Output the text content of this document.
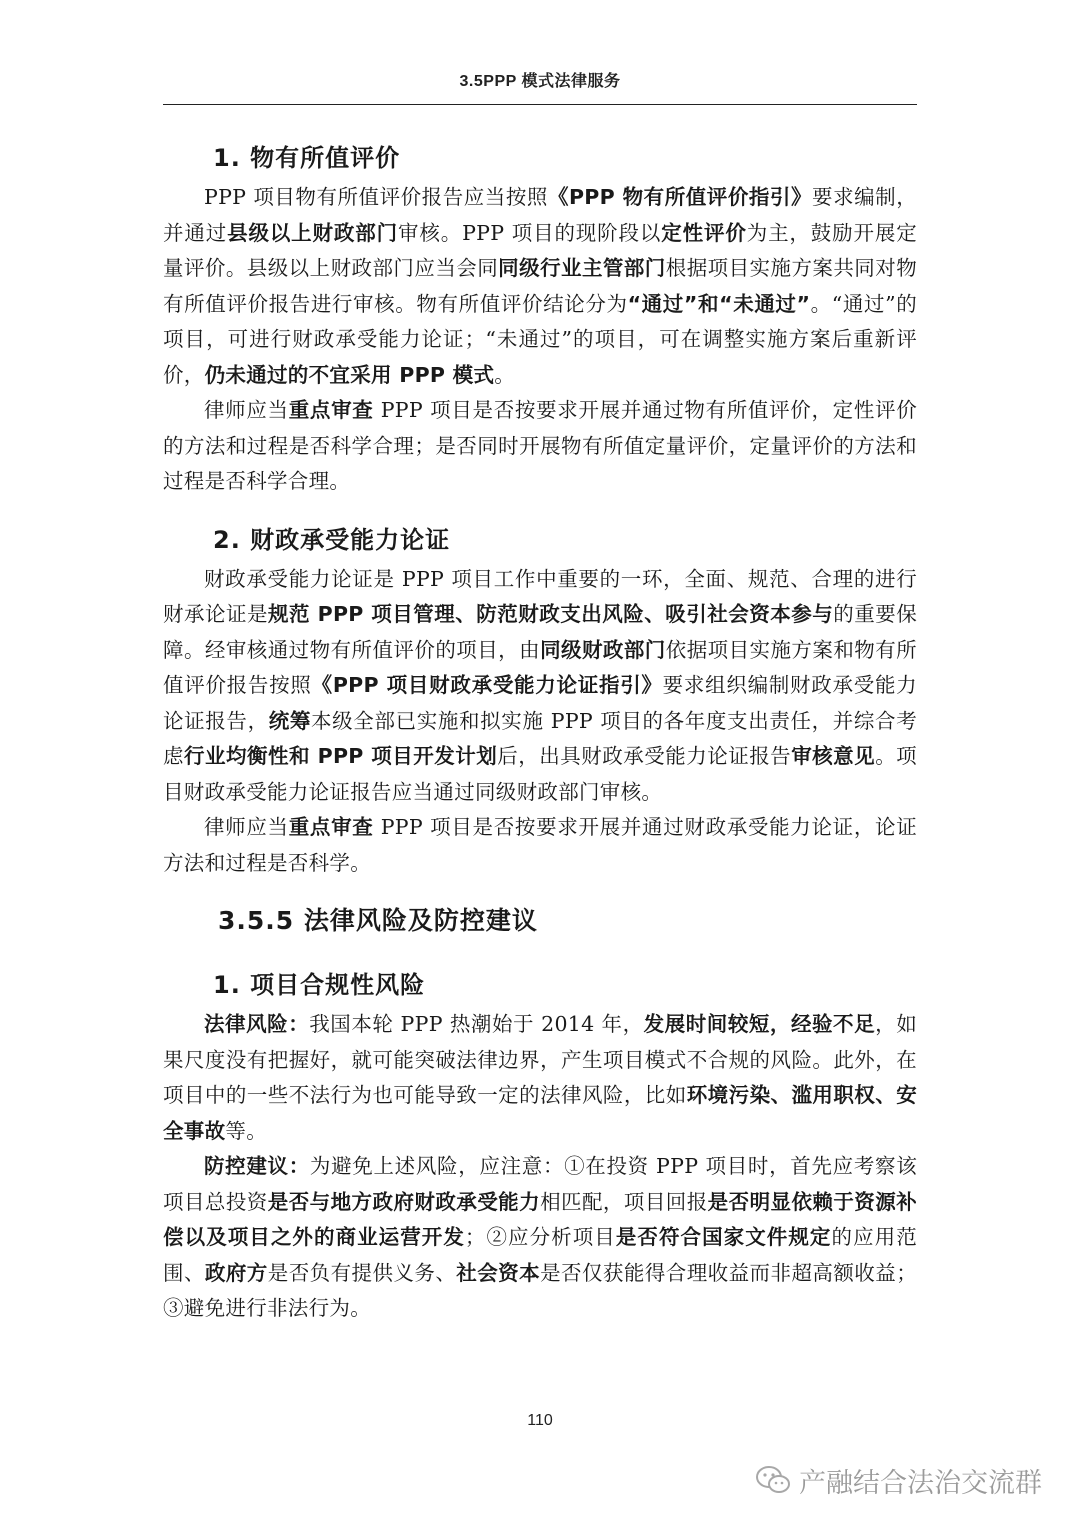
3.5PPP 模式法律服务
1. 物有所值评价

PPP 项目物有所值评价报告应当按照《PPP 物有所值评价指引》要求编制，并通过县级以上财政部门审核。PPP 项目的现阶段以定性评价为主，鼓励开展定量评价。县级以上财政部门应当会同同级行业主管部门根据项目实施方案共同对物有所值评价报告进行审核。物有所值评价结论分为“通过”和“未通过”。“通过”的项目，可进行财政承受能力论证；“未通过”的项目，可在调整实施方案后重新评价，仍未通过的不宜采用 PPP 模式。

律师应当重点审查 PPP 项目是否按要求开展并通过物有所值评价，定性评价的方法和过程是否科学合理；是否同时开展物有所值定量评价，定量评价的方法和过程是否科学合理。

2. 财政承受能力论证

财政承受能力论证是 PPP 项目工作中重要的一环，全面、规范、合理的进行财承论证是规范 PPP 项目管理、防范财政支出风险、吸引社会资本参与的重要保障。经审核通过物有所值评价的项目，由同级财政部门依据项目实施方案和物有所值评价报告按照《PPP 项目财政承受能力论证指引》要求组织编制财政承受能力论证报告，统筹本级全部已实施和拟实施 PPP 项目的各年度支出责任，并综合考虑行业均衡性和 PPP 项目开发计划后，出具财政承受能力论证报告审核意见。项目财政承受能力论证报告应当通过同级财政部门审核。

律师应当重点审查 PPP 项目是否按要求开展并通过财政承受能力论证，论证方法和过程是否科学。

3.5.5 法律风险及防控建议
1. 项目合规性风险

法律风险：我国本轮 PPP 热潮始于 2014 年，发展时间较短，经验不足，如果尺度没有把握好，就可能突破法律边界，产生项目模式不合规的风险。此外，在项目中的一些不法行为也可能导致一定的法律风险，比如环境污染、滥用职权、安全事故等。

防控建议：为避免上述风险，应注意：①在投资 PPP 项目时，首先应考察该项目总投资是否与地方政府财政承受能力相匹配，项目回报是否明显依赖于资源补偿以及项目之外的商业运营开发；②应分析项目是否符合国家文件规定的应用范围、政府方是否负有提供义务、社会资本是否仅获能得合理收益而非超高额收益；③避免进行非法行为。

110
产融结合法治交流群
